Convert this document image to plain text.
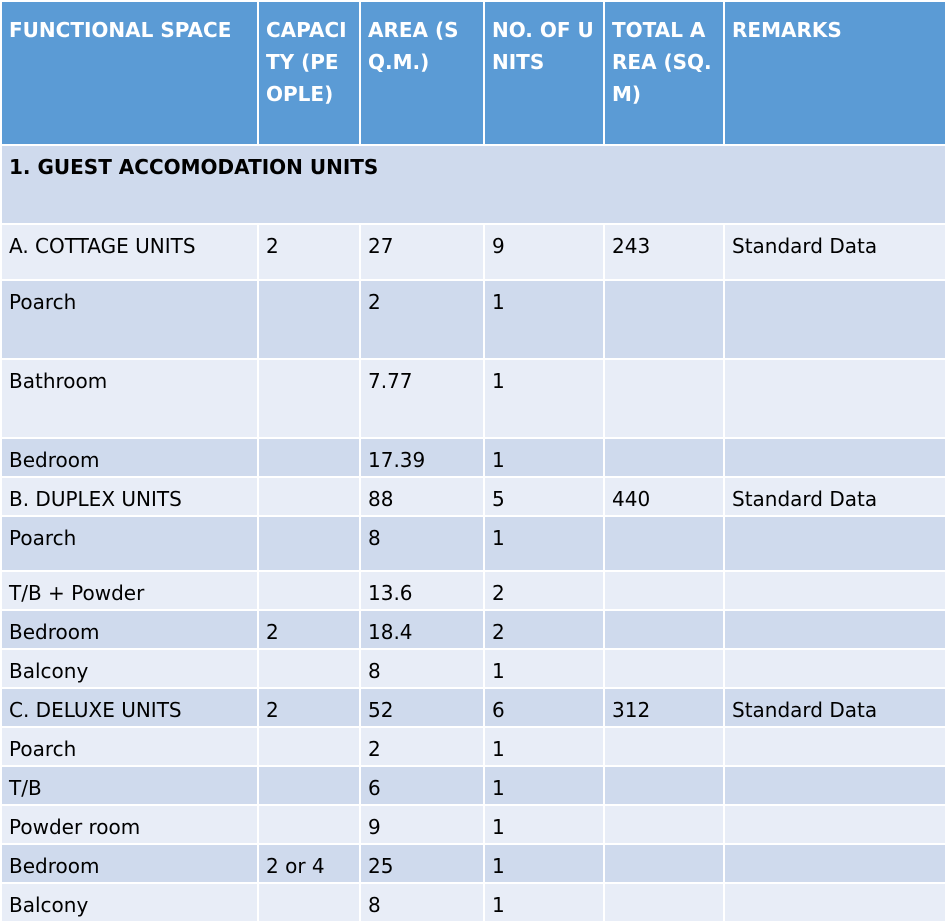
FUNCTIONAL SPACE	CAPACITY (PEOPLE)	AREA (SQ.M.)	NO. OF UNITS	TOTAL AREA (SQ.M)	REMARKS
1. GUEST ACCOMODATION UNITS					
A. COTTAGE UNITS	2	27	9	243	Standard Data
Poarch		2	1		
Bathroom		7.77	1		
Bedroom		17.39	1		
B. DUPLEX UNITS		88	5	440	Standard Data
Poarch		8	1		
T/B + Powder		13.6	2		
Bedroom	2	18.4	2		
Balcony		8	1		
C. DELUXE UNITS	2	52	6	312	Standard Data
Poarch		2	1		
T/B		6	1		
Powder room		9	1		
Bedroom	2 or 4	25	1		
Balcony		8	1		
